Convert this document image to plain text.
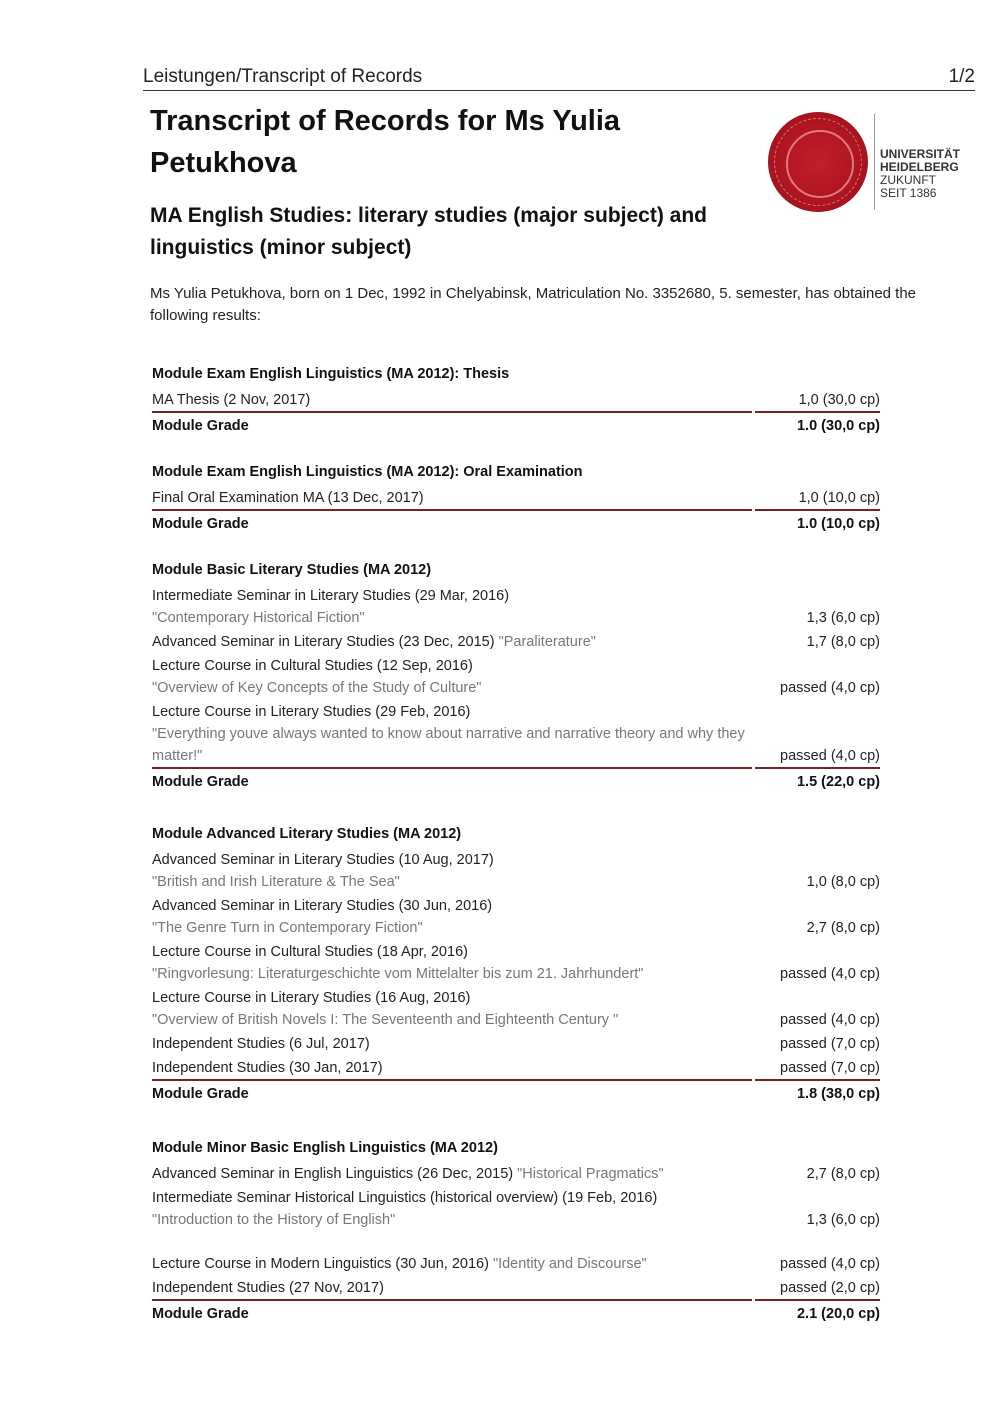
Leistungen/Transcript of Records	1/2
Transcript of Records for Ms Yulia Petukhova
MA English Studies: literary studies (major subject) and linguistics (minor subject)
UNIVERSITÄT
HEIDELBERG
ZUKUNFT
SEIT 1386
Ms Yulia Petukhova, born on 1 Dec, 1992 in Chelyabinsk, Matriculation No. 3352680, 5. semester, has obtained the following results:
Module Exam English Linguistics (MA 2012): Thesis
MA Thesis (2 Nov, 2017)	1,0 (30,0 cp)
Module Grade	1.0 (30,0 cp)
Module Exam English Linguistics (MA 2012): Oral Examination
Final Oral Examination MA (13 Dec, 2017)	1,0 (10,0 cp)
Module Grade	1.0 (10,0 cp)
Module Basic Literary Studies (MA 2012)
Intermediate Seminar in Literary Studies (29 Mar, 2016)
"Contemporary Historical Fiction"	1,3 (6,0 cp)
Advanced Seminar in Literary Studies (23 Dec, 2015) "Paraliterature"	1,7 (8,0 cp)
Lecture Course in Cultural Studies (12 Sep, 2016)
"Overview of Key Concepts of the Study of Culture"	passed (4,0 cp)
Lecture Course in Literary Studies (29 Feb, 2016)
"Everything youve always wanted to know about narrative and narrative theory and why they matter!"	passed (4,0 cp)
Module Grade	1.5 (22,0 cp)
Module Advanced Literary Studies (MA 2012)
Advanced Seminar in Literary Studies (10 Aug, 2017)
"British and Irish Literature & The Sea"	1,0 (8,0 cp)
Advanced Seminar in Literary Studies (30 Jun, 2016)
"The Genre Turn in Contemporary Fiction"	2,7 (8,0 cp)
Lecture Course in Cultural Studies (18 Apr, 2016)
"Ringvorlesung: Literaturgeschichte vom Mittelalter bis zum 21. Jahrhundert"	passed (4,0 cp)
Lecture Course in Literary Studies (16 Aug, 2016)
"Overview of British Novels I: The Seventeenth and Eighteenth Century "	passed (4,0 cp)
Independent Studies (6 Jul, 2017)	passed (7,0 cp)
Independent Studies (30 Jan, 2017)	passed (7,0 cp)
Module Grade	1.8 (38,0 cp)
Module Minor Basic English Linguistics (MA 2012)
Advanced Seminar in English Linguistics (26 Dec, 2015) "Historical Pragmatics"	2,7 (8,0 cp)
Intermediate Seminar Historical Linguistics (historical overview) (19 Feb, 2016)
"Introduction to the History of English"	1,3 (6,0 cp)
Lecture Course in Modern Linguistics (30 Jun, 2016) "Identity and Discourse"	passed (4,0 cp)
Independent Studies (27 Nov, 2017)	passed (2,0 cp)
Module Grade	2.1 (20,0 cp)
